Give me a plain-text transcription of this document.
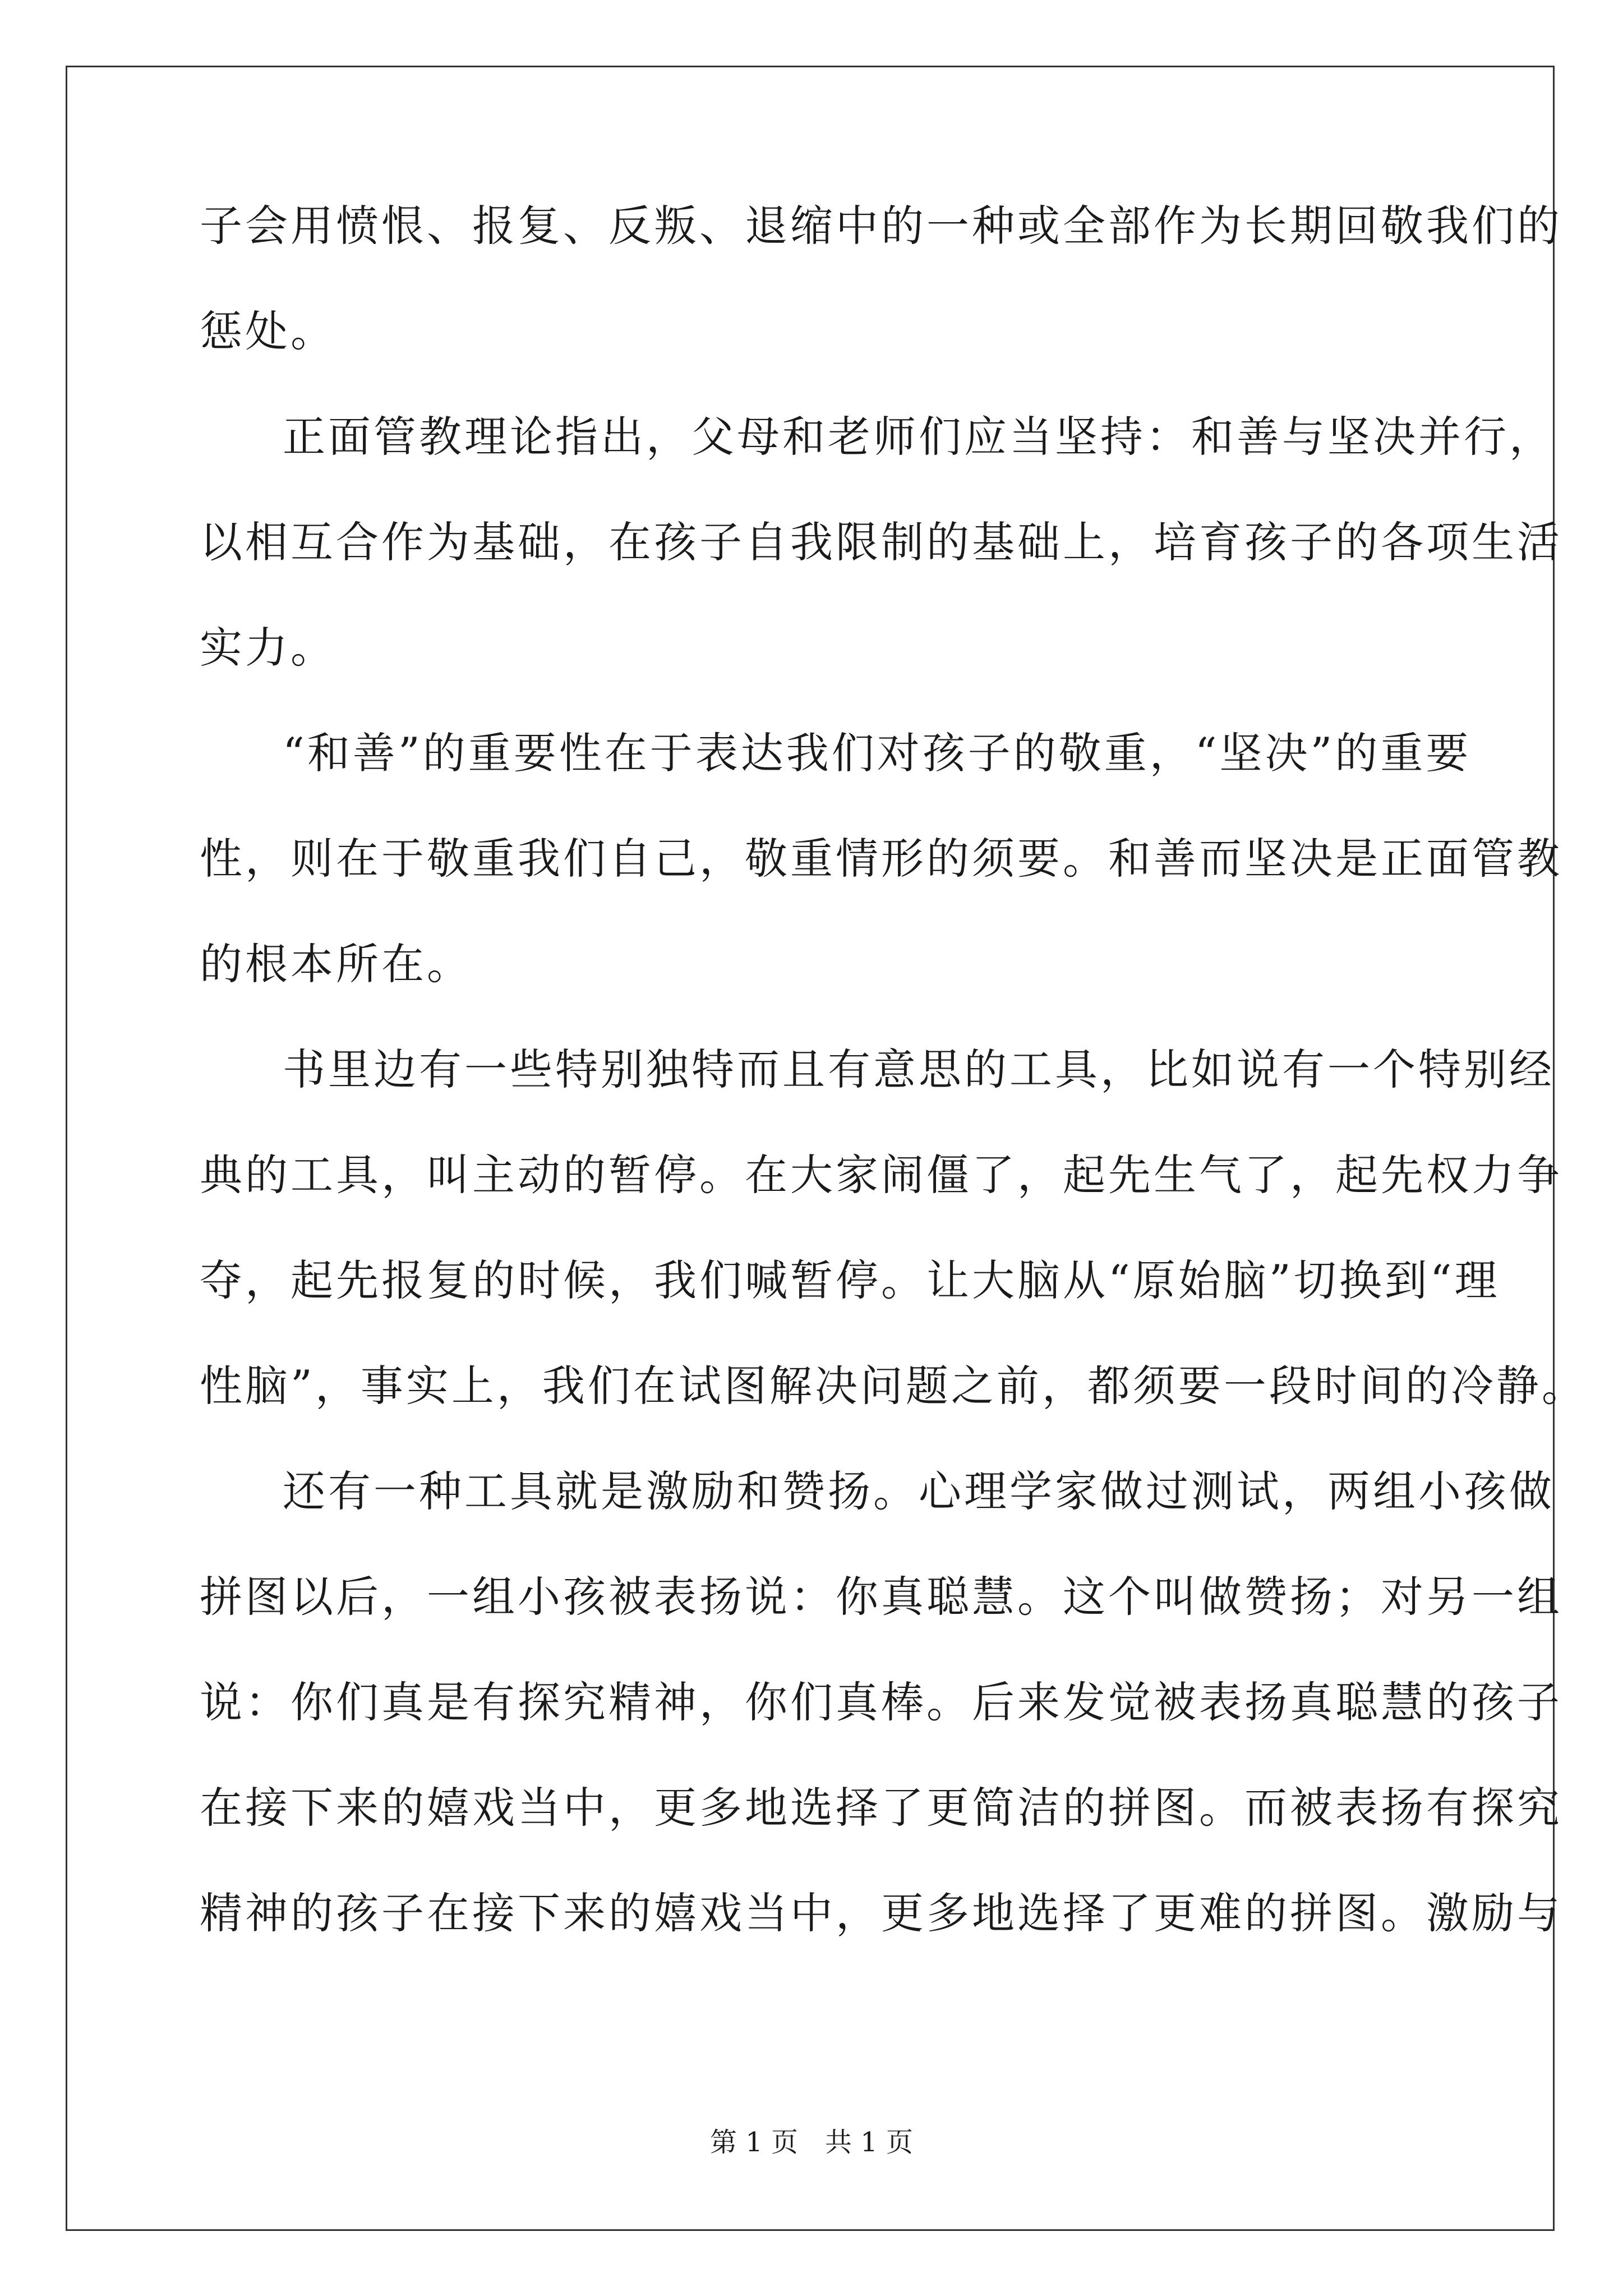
子会用愤恨、报复、反叛、退缩中的一种或全部作为长期回敬我们的
惩处。
正面管教理论指出，父母和老师们应当坚持：和善与坚决并行，
以相互合作为基础，在孩子自我限制的基础上，培育孩子的各项生活
实力。
“和善”的重要性在于表达我们对孩子的敬重，“坚决”的重要
性，则在于敬重我们自己，敬重情形的须要。和善而坚决是正面管教
的根本所在。
书里边有一些特别独特而且有意思的工具，比如说有一个特别经
典的工具，叫主动的暂停。在大家闹僵了，起先生气了，起先权力争
夺，起先报复的时候，我们喊暂停。让大脑从“原始脑”切换到“理
性脑”，事实上，我们在试图解决问题之前，都须要一段时间的冷静。
还有一种工具就是激励和赞扬。心理学家做过测试，两组小孩做
拼图以后，一组小孩被表扬说：你真聪慧。这个叫做赞扬；对另一组
说：你们真是有探究精神，你们真棒。后来发觉被表扬真聪慧的孩子
在接下来的嬉戏当中，更多地选择了更简洁的拼图。而被表扬有探究
精神的孩子在接下来的嬉戏当中，更多地选择了更难的拼图。激励与
第 1 页　共 1 页
